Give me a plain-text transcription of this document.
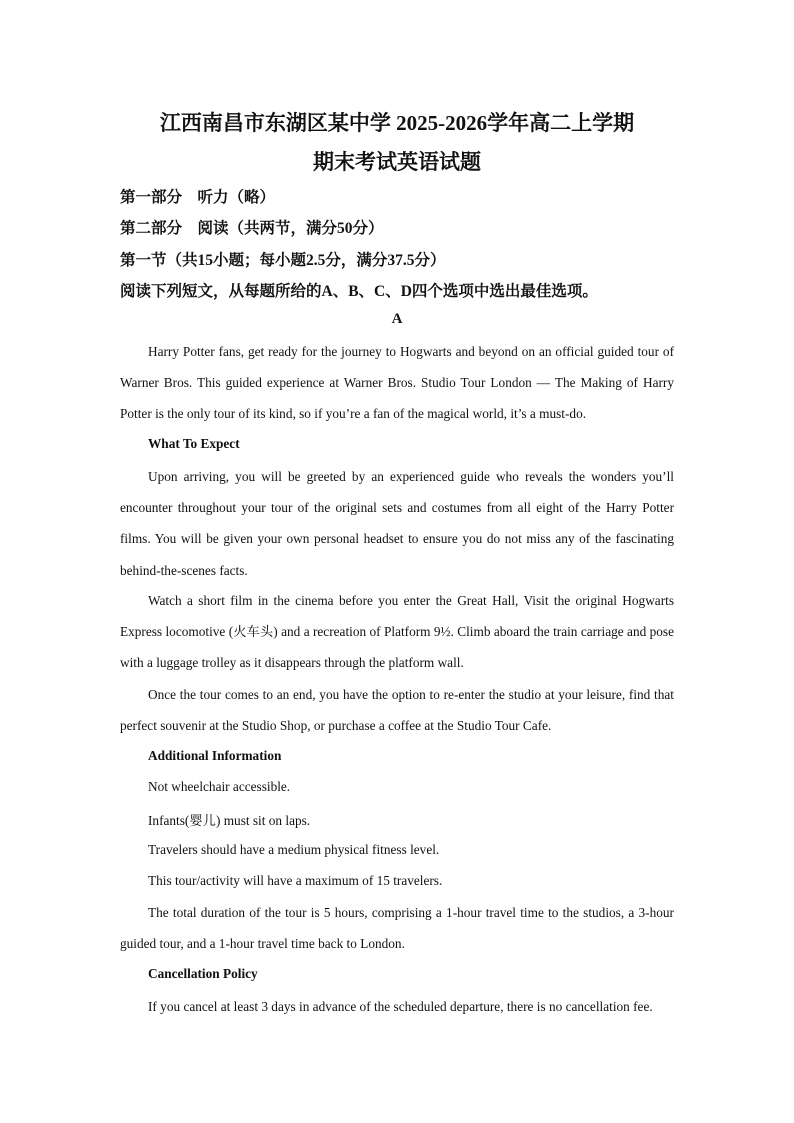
江西南昌市东湖区某中学 2025-2026学年高二上学期
期末考试英语试题
第一部分　听力（略）
第二部分　阅读（共两节，满分50分）
第一节（共15小题；每小题2.5分，满分37.5分）
阅读下列短文，从每题所给的A、B、C、D四个选项中选出最佳选项。
A

Harry Potter fans, get ready for the journey to Hogwarts and beyond on an official guided tour of Warner Bros. This guided experience at Warner Bros. Studio Tour London — The Making of Harry Potter is the only tour of its kind, so if you’re a fan of the magical world, it’s a must-do.

What To Expect

Upon arriving, you will be greeted by an experienced guide who reveals the wonders you’ll encounter throughout your tour of the original sets and costumes from all eight of the Harry Potter films. You will be given your own personal headset to ensure you do not miss any of the fascinating behind-the-scenes facts.

Watch a short film in the cinema before you enter the Great Hall, Visit the original Hogwarts Express locomotive (火车头) and a recreation of Platform 9½. Climb aboard the train carriage and pose with a luggage trolley as it disappears through the platform wall.

Once the tour comes to an end, you have the option to re-enter the studio at your leisure, find that perfect souvenir at the Studio Shop, or purchase a coffee at the Studio Tour Cafe.

Additional Information
Not wheelchair accessible.
Infants(婴儿) must sit on laps.
Travelers should have a medium physical fitness level.
This tour/activity will have a maximum of 15 travelers.

The total duration of the tour is 5 hours, comprising a 1-hour travel time to the studios, a 3-hour guided tour, and a 1-hour travel time back to London.

Cancellation Policy

If you cancel at least 3 days in advance of the scheduled departure, there is no cancellation fee.
